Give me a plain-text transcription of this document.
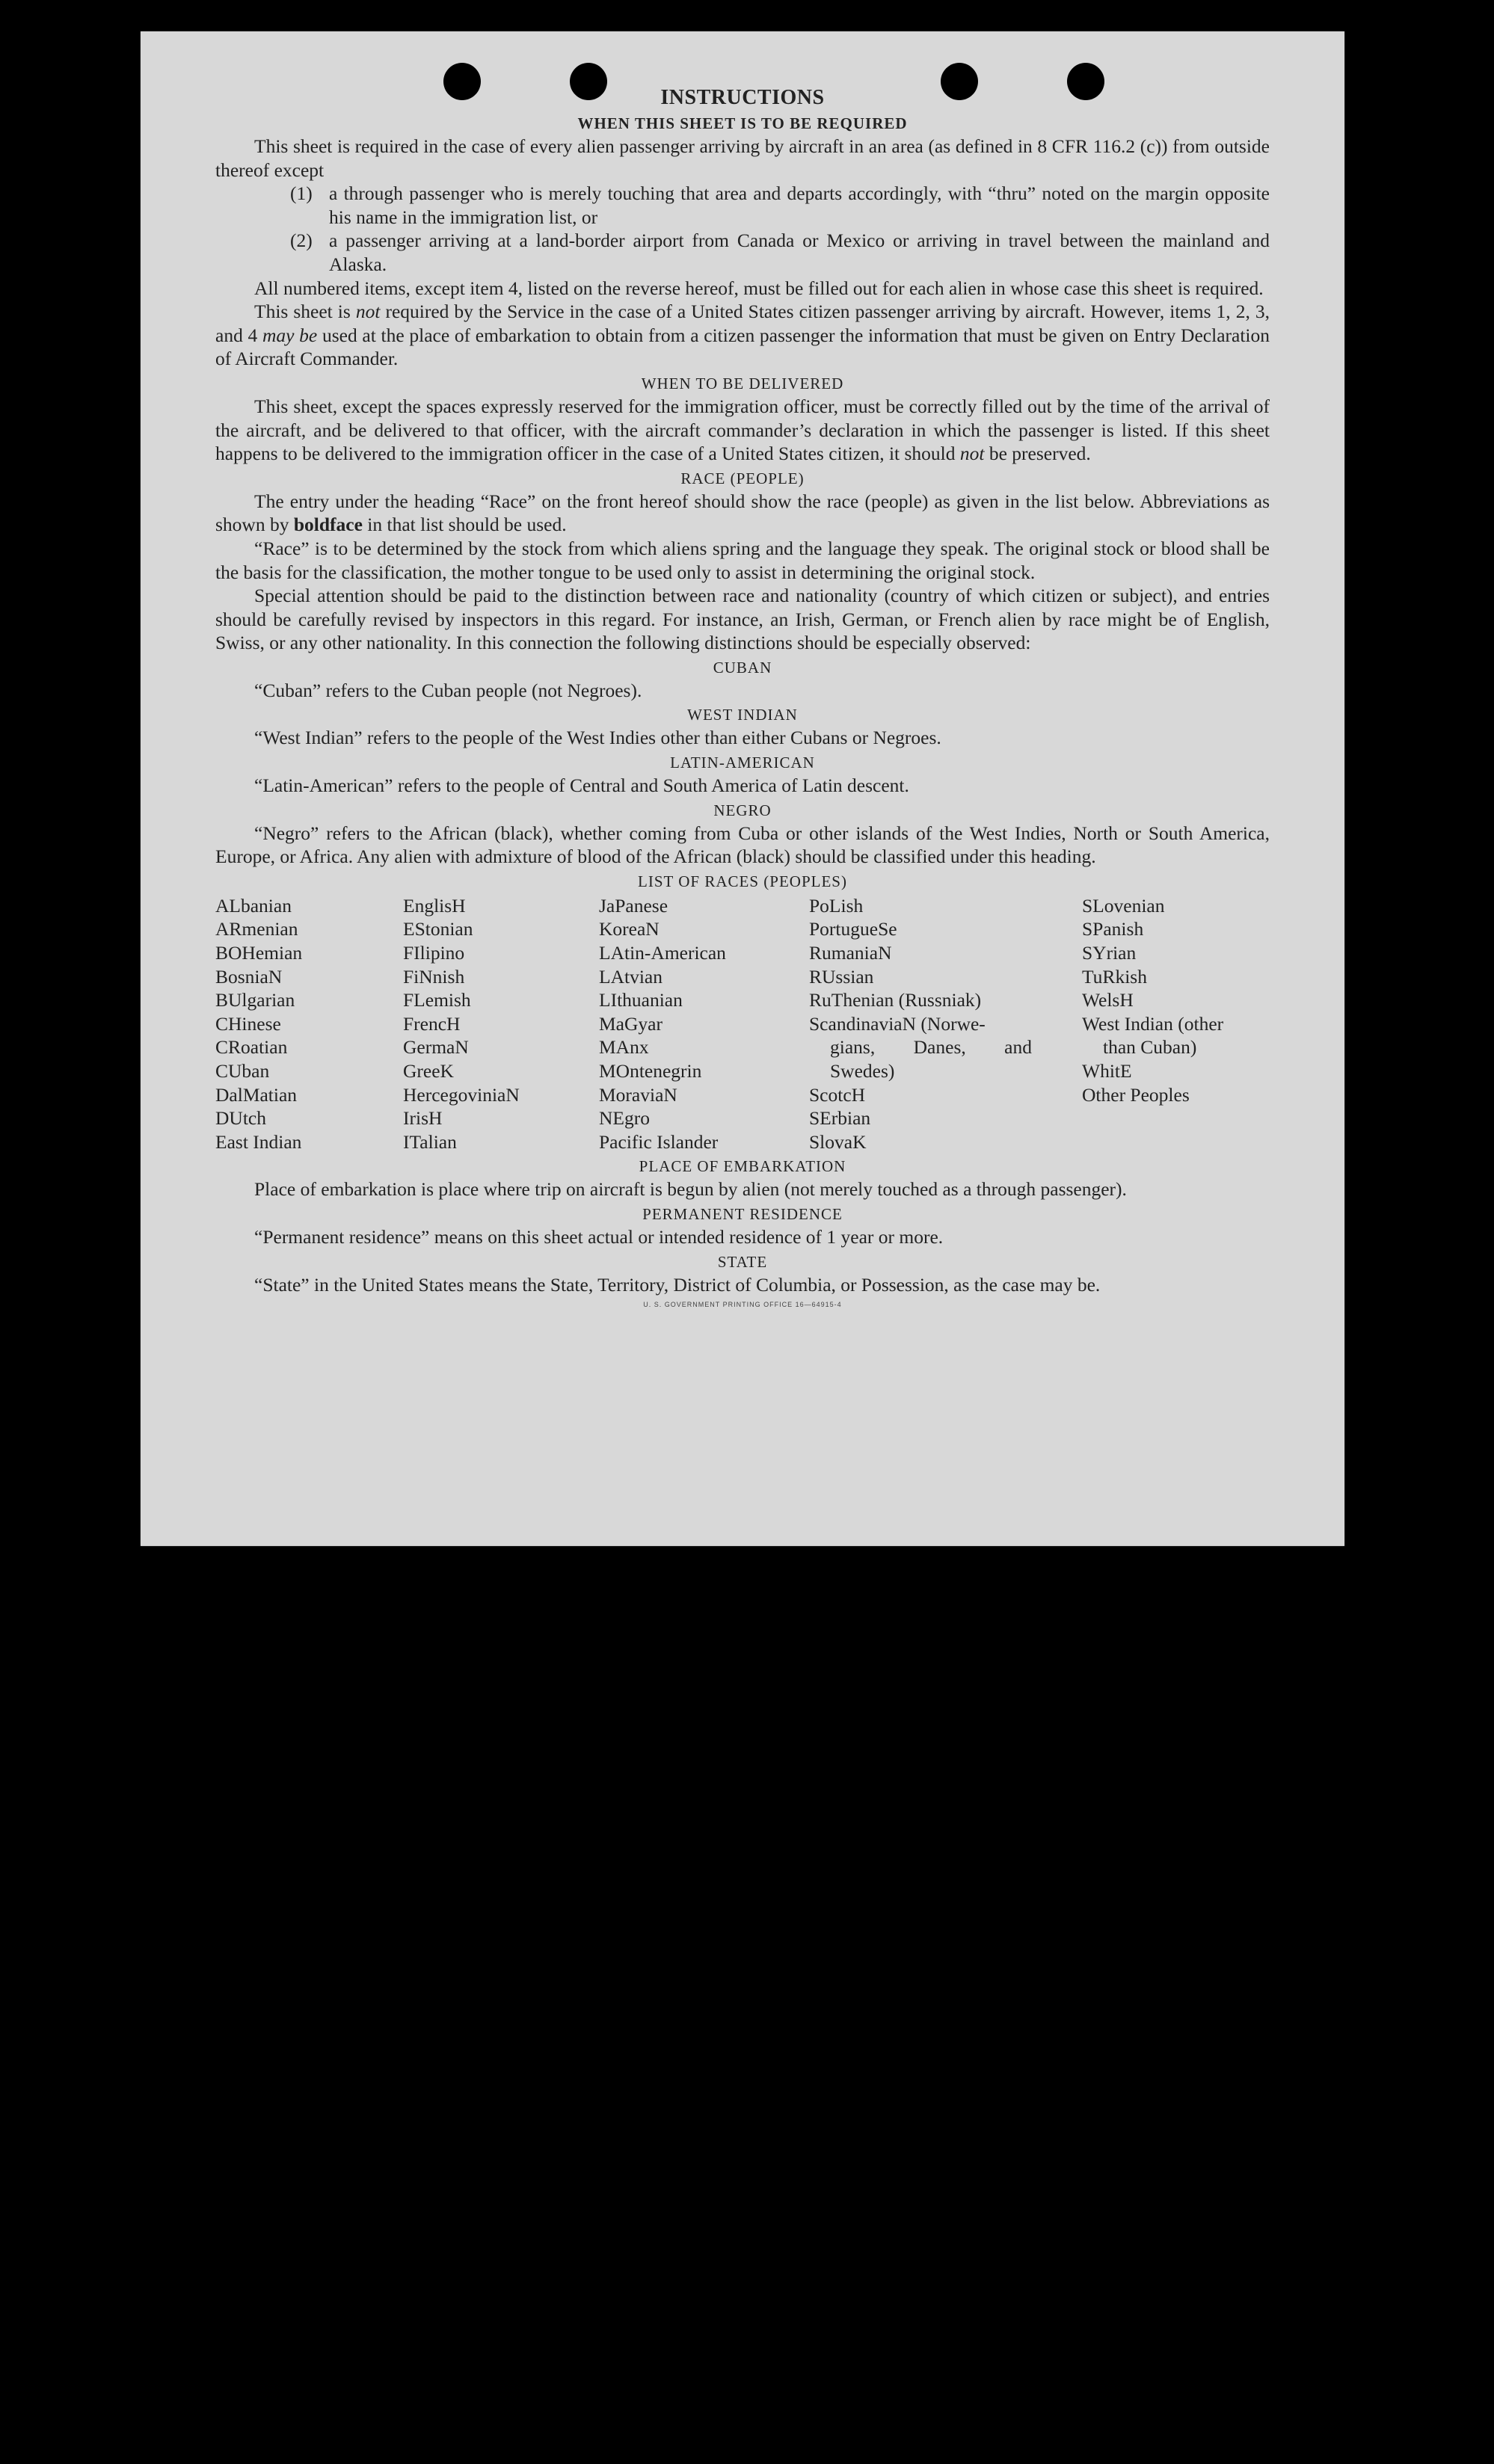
INSTRUCTIONS
WHEN THIS SHEET IS TO BE REQUIRED

This sheet is required in the case of every alien passenger arriving by aircraft in an area (as defined in 8 CFR 116.2 (c)) from outside thereof except

(1) a through passenger who is merely touching that area and departs accordingly, with “thru” noted on the margin opposite his name in the immigration list, or
(2) a passenger arriving at a land-border airport from Canada or Mexico or arriving in travel between the mainland and Alaska.

All numbered items, except item 4, listed on the reverse hereof, must be filled out for each alien in whose case this sheet is required.

This sheet is not required by the Service in the case of a United States citizen passenger arriving by aircraft. However, items 1, 2, 3, and 4 may be used at the place of embarkation to obtain from a citizen passenger the information that must be given on Entry Declaration of Aircraft Commander.

WHEN TO BE DELIVERED

This sheet, except the spaces expressly reserved for the immigration officer, must be correctly filled out by the time of the arrival of the aircraft, and be delivered to that officer, with the aircraft commander’s declaration in which the passenger is listed. If this sheet happens to be delivered to the immigration officer in the case of a United States citizen, it should not be preserved.

RACE (PEOPLE)

The entry under the heading “Race” on the front hereof should show the race (people) as given in the list below. Abbreviations as shown by boldface in that list should be used.

“Race” is to be determined by the stock from which aliens spring and the language they speak. The original stock or blood shall be the basis for the classification, the mother tongue to be used only to assist in determining the original stock.

Special attention should be paid to the distinction between race and nationality (country of which citizen or subject), and entries should be carefully revised by inspectors in this regard. For instance, an Irish, German, or French alien by race might be of English, Swiss, or any other nationality. In this connection the following distinctions should be especially observed:

CUBAN

“Cuban” refers to the Cuban people (not Negroes).

WEST INDIAN

“West Indian” refers to the people of the West Indies other than either Cubans or Negroes.

LATIN-AMERICAN

“Latin-American” refers to the people of Central and South America of Latin descent.

NEGRO

“Negro” refers to the African (black), whether coming from Cuba or other islands of the West Indies, North or South America, Europe, or Africa. Any alien with admixture of blood of the African (black) should be classified under this heading.

LIST OF RACES (PEOPLES)
ALbanian
ARmenian
BOHemian
BosniaN
BUlgarian
CHinese
CRoatian
CUban
DalMatian
DUtch
East Indian
EnglisH
EStonian
FIlipino
FiNnish
FLemish
FrencH
GermaN
GreeK
HercegoviniaN
IrisH
ITalian
JaPanese
KoreaN
LAtin-American
LAtvian
LIthuanian
MaGyar
MAnx
MOntenegrin
MoraviaN
NEgro
Pacific Islander
PoLish
PortugueSe
RumaniaN
RUssian
RuThenian (Russniak)
ScandinaviaN (Norwe-
gians, Danes, and
Swedes)
ScotcH
SErbian
SlovaK
SLovenian
SPanish
SYrian
TuRkish
WelsH
West Indian (other
than Cuban)
WhitE
Other Peoples
PLACE OF EMBARKATION

Place of embarkation is place where trip on aircraft is begun by alien (not merely touched as a through passenger).

PERMANENT RESIDENCE

“Permanent residence” means on this sheet actual or intended residence of 1 year or more.

STATE

“State” in the United States means the State, Territory, District of Columbia, or Possession, as the case may be.

U. S. GOVERNMENT PRINTING OFFICE 16—64915-4
